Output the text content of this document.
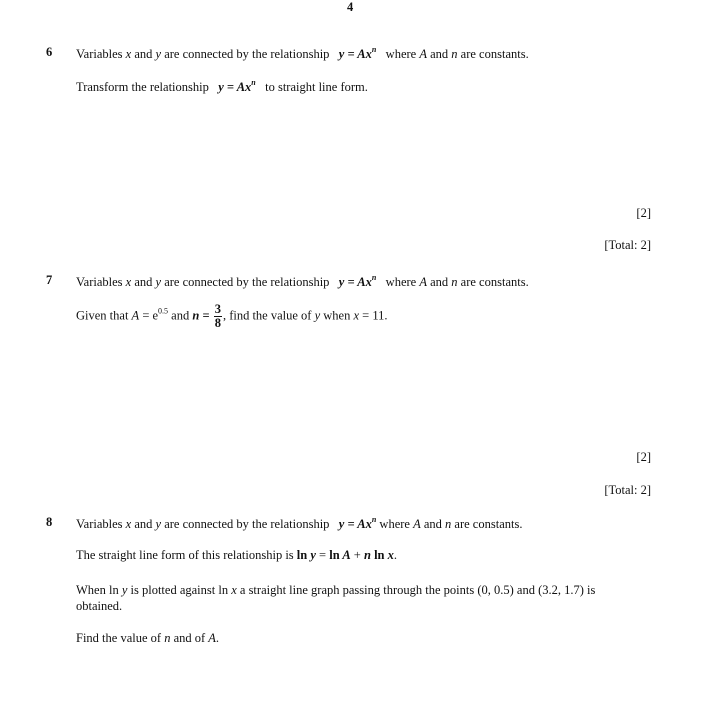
4
6 Variables x and y are connected by the relationship   $y = Ax^n$   where A and n are constants.
Transform the relationship   $y = Ax^n$   to straight line form.
[2]
[Total: 2]
7 Variables x and y are connected by the relationship   $y = Ax^n$   where A and n are constants.
Given that $A = e^{0.5}$ and $n = \frac{3}{8}$ , find the value of y when x = 11.
[2]
[Total: 2]
8 Variables x and y are connected by the relationship   $y = Ax^n$ where A and n are constants.
The straight line form of this relationship is ln y = ln A + n ln x.
When ln y is plotted against ln x a straight line graph passing through the points (0, 0.5) and (3.2, 1.7) is
obtained.
Find the value of n and of A.
